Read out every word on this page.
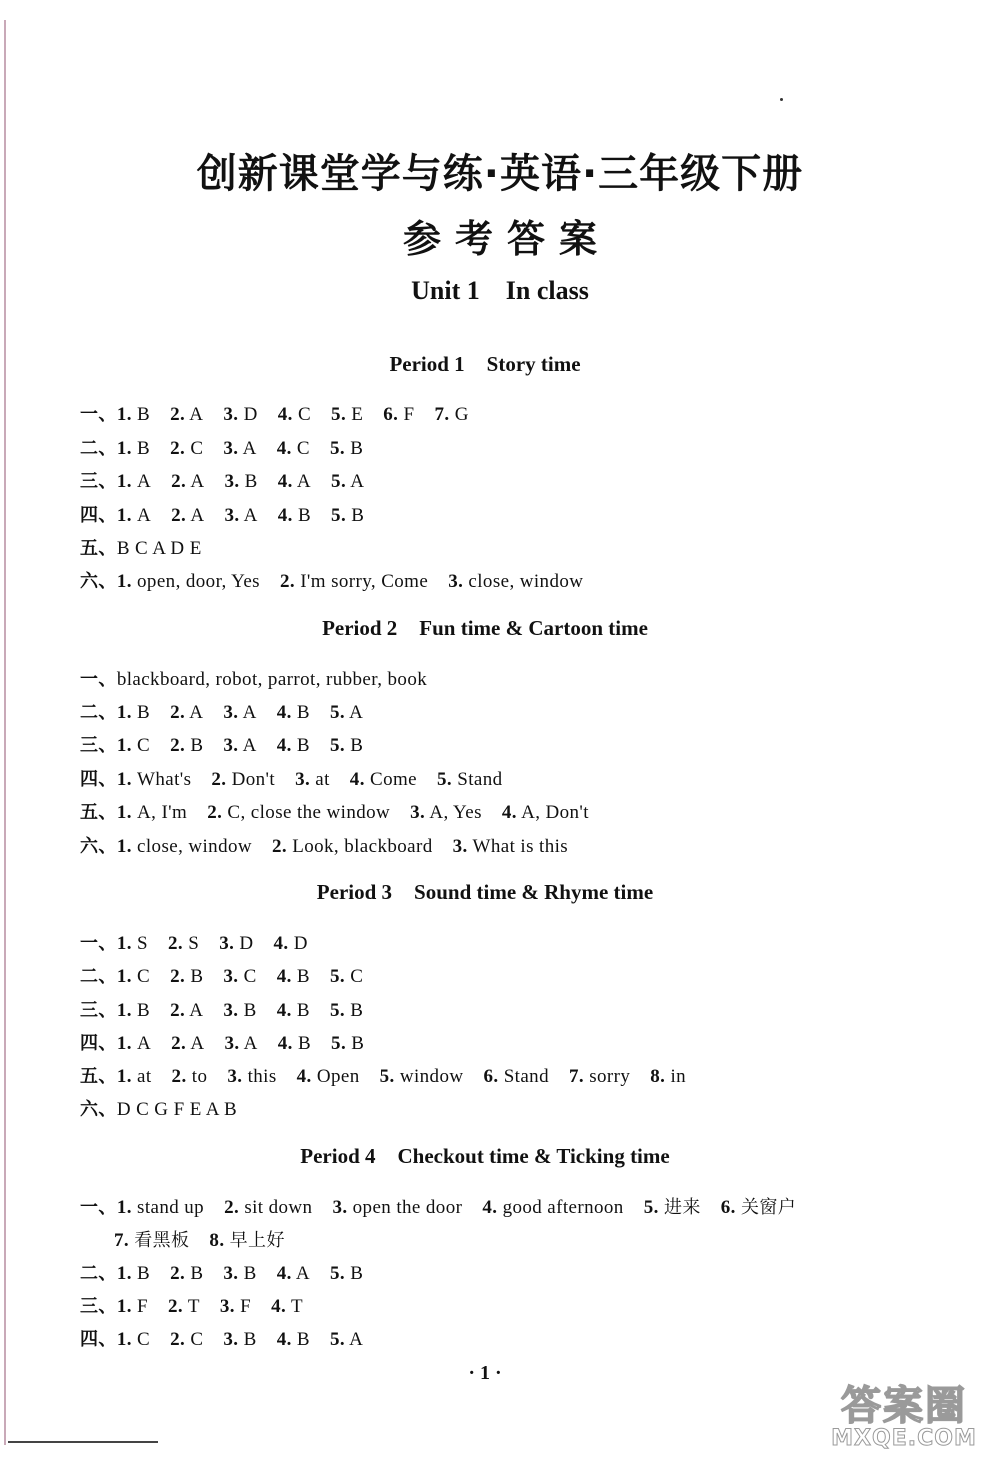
创新课堂学与练·英语·三年级下册
参考答案
Unit 1 In class
Period 1 Story time
一、1. B 2. A 3. D 4. C 5. E 6. F 7. G
二、1. B 2. C 3. A 4. C 5. B
三、1. A 2. A 3. B 4. A 5. A
四、1. A 2. A 3. A 4. B 5. B
五、B C A D E
六、1. open, door, Yes 2. I'm sorry, Come 3. close, window
Period 2 Fun time & Cartoon time
一、blackboard, robot, parrot, rubber, book
二、1. B 2. A 3. A 4. B 5. A
三、1. C 2. B 3. A 4. B 5. B
四、1. What's 2. Don't 3. at 4. Come 5. Stand
五、1. A, I'm 2. C, close the window 3. A, Yes 4. A, Don't
六、1. close, window 2. Look, blackboard 3. What is this
Period 3 Sound time & Rhyme time
一、1. S 2. S 3. D 4. D
二、1. C 2. B 3. C 4. B 5. C
三、1. B 2. A 3. B 4. B 5. B
四、1. A 2. A 3. A 4. B 5. B
五、1. at 2. to 3. this 4. Open 5. window 6. Stand 7. sorry 8. in
六、D C G F E A B
Period 4 Checkout time & Ticking time
一、1. stand up 2. sit down 3. open the door 4. good afternoon 5. 进来 6. 关窗户
7. 看黑板 8. 早上好
二、1. B 2. B 3. B 4. A 5. B
三、1. F 2. T 3. F 4. T
四、1. C 2. C 3. B 4. B 5. A
· 1 ·
答案圈
MXQE.COM
